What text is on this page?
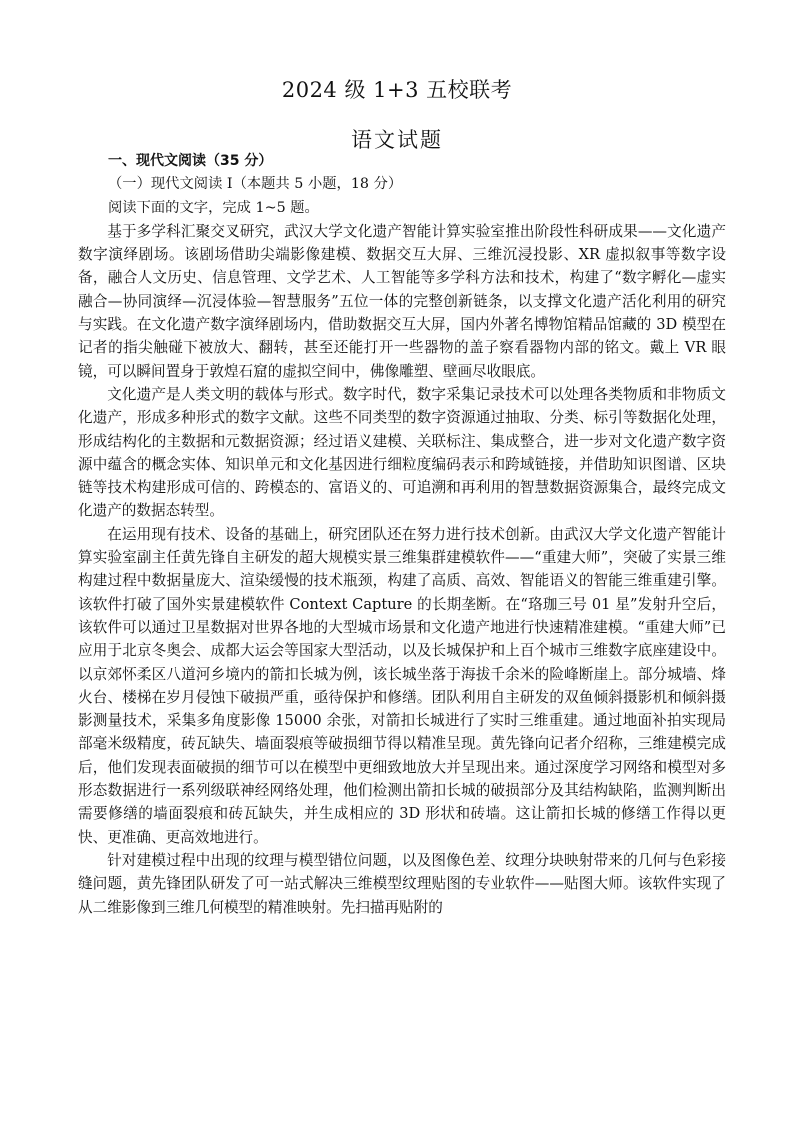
2024 级 1+3 五校联考
语文试题

一、现代文阅读（35 分）

（一）现代文阅读 I（本题共 5 小题，18 分）

阅读下面的文字，完成 1~5 题。

基于多学科汇聚交叉研究，武汉大学文化遗产智能计算实验室推出阶段性科研成果——文化遗产数字演绎剧场。该剧场借助尖端影像建模、数据交互大屏、三维沉浸投影、XR 虚拟叙事等数字设备，融合人文历史、信息管理、文学艺术、人工智能等多学科方法和技术，构建了“数字孵化—虚实融合—协同演绎—沉浸体验—智慧服务”五位一体的完整创新链条，以支撑文化遗产活化利用的研究与实践。在文化遗产数字演绎剧场内，借助数据交互大屏，国内外著名博物馆精品馆藏的 3D 模型在记者的指尖触碰下被放大、翻转，甚至还能打开一些器物的盖子察看器物内部的铭文。戴上 VR 眼镜，可以瞬间置身于敦煌石窟的虚拟空间中，佛像雕塑、壁画尽收眼底。

文化遗产是人类文明的载体与形式。数字时代，数字采集记录技术可以处理各类物质和非物质文化遗产，形成多种形式的数字文献。这些不同类型的数字资源通过抽取、分类、标引等数据化处理，形成结构化的主数据和元数据资源；经过语义建模、关联标注、集成整合，进一步对文化遗产数字资源中蕴含的概念实体、知识单元和文化基因进行细粒度编码表示和跨域链接，并借助知识图谱、区块链等技术构建形成可信的、跨模态的、富语义的、可追溯和再利用的智慧数据资源集合，最终完成文化遗产的数据态转型。

在运用现有技术、设备的基础上，研究团队还在努力进行技术创新。由武汉大学文化遗产智能计算实验室副主任黄先锋自主研发的超大规模实景三维集群建模软件——“重建大师”，突破了实景三维构建过程中数据量庞大、渲染缓慢的技术瓶颈，构建了高质、高效、智能语义的智能三维重建引擎。该软件打破了国外实景建模软件 Context Capture 的长期垄断。在“珞珈三号 01 星”发射升空后，该软件可以通过卫星数据对世界各地的大型城市场景和文化遗产地进行快速精准建模。“重建大师”已应用于北京冬奥会、成都大运会等国家大型活动，以及长城保护和上百个城市三维数字底座建设中。以京郊怀柔区八道河乡境内的箭扣长城为例，该长城坐落于海拔千余米的险峰断崖上。部分城墙、烽火台、楼梯在岁月侵蚀下破损严重，亟待保护和修缮。团队利用自主研发的双鱼倾斜摄影机和倾斜摄影测量技术，采集多角度影像 15000 余张，对箭扣长城进行了实时三维重建。通过地面补拍实现局部毫米级精度，砖瓦缺失、墙面裂痕等破损细节得以精准呈现。黄先锋向记者介绍称，三维建模完成后，他们发现表面破损的细节可以在模型中更细致地放大并呈现出来。通过深度学习网络和模型对多形态数据进行一系列级联神经网络处理，他们检测出箭扣长城的破损部分及其结构缺陷，监测判断出需要修缮的墙面裂痕和砖瓦缺失，并生成相应的 3D 形状和砖墙。这让箭扣长城的修缮工作得以更快、更准确、更高效地进行。

针对建模过程中出现的纹理与模型错位问题，以及图像色差、纹理分块映射带来的几何与色彩接缝问题，黄先锋团队研发了可一站式解决三维模型纹理贴图的专业软件——贴图大师。该软件实现了从二维影像到三维几何模型的精准映射。先扫描再贴附的
